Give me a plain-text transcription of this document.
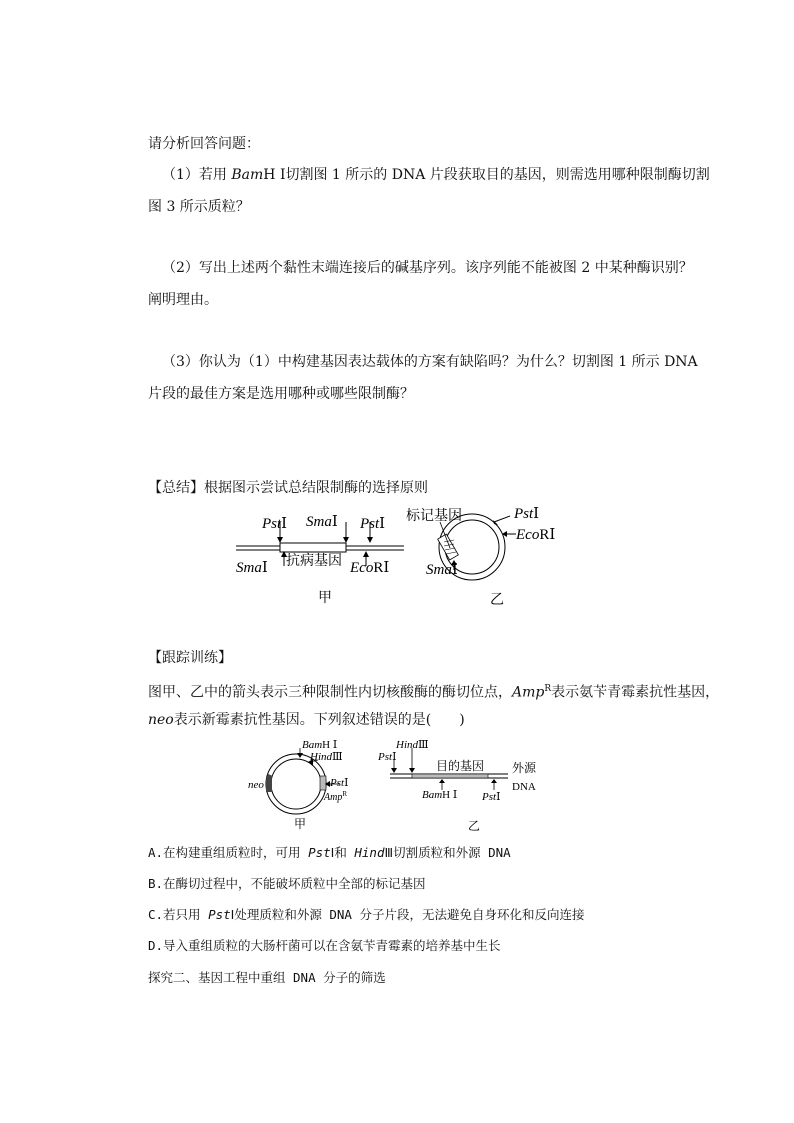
请分析回答问题：
（1）若用 BamH Ⅰ切割图 1 所示的 DNA 片段获取目的基因，则需选用哪种限制酶切割
图 3 所示质粒？
（2）写出上述两个黏性末端连接后的碱基序列。该序列能不能被图 2 中某种酶识别？
阐明理由。
（3）你认为（1）中构建基因表达载体的方案有缺陷吗？为什么？切割图 1 所示 DNA
片段的最佳方案是选用哪种或哪些限制酶？
【总结】根据图示尝试总结限制酶的选择原则
PstⅠ SmaⅠ PstⅠ
SmaⅠ 抗病基因 EcoRⅠ
标记基因	PstⅠ
EcoRⅠ
SmaⅠ
甲	乙
【跟踪训练】
图甲、乙中的箭头表示三种限制性内切核酸酶的酶切位点，Amp$^R$表示氨苄青霉素抗性基因，
neo表示新霉素抗性基因。下列叙述错误的是(　　)
BamH Ⅰ
HindⅢ
PstⅠ
neo
Amp$^R$
HindⅢ
PstⅠ
目的基因 外源
DNA
BamH Ⅰ PstⅠ
甲	乙
A.在构建重组质粒时，可用 PstⅠ和 HindⅢ切割质粒和外源 DNA
B.在酶切过程中，不能破坏质粒中全部的标记基因
C.若只用 PstⅠ处理质粒和外源 DNA 分子片段，无法避免自身环化和反向连接
D.导入重组质粒的大肠杆菌可以在含氨苄青霉素的培养基中生长
探究二、基因工程中重组 DNA 分子的筛选
